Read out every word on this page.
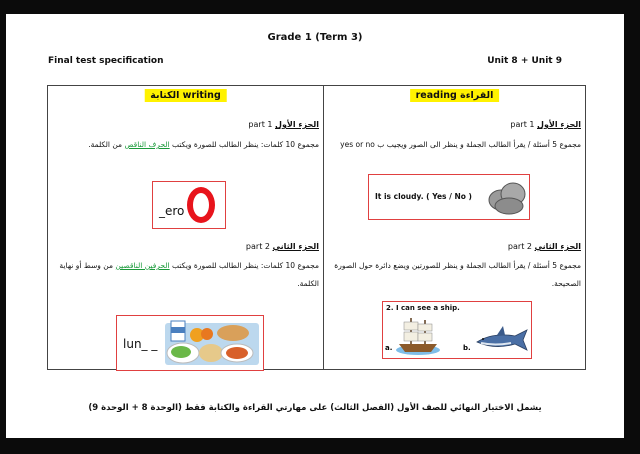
Grade 1 (Term 3)
Final test specification	Unit 8 + Unit 9
writing الكتابة
الجزء الأول part 1
مجموع 10 كلمات: ينظر الطالب للصورة ويكتب الحرف الناقص من الكلمة.
_ero
الجزء الثاني part 2
مجموع 10 كلمات: ينظر الطالب للصورة ويكتب الحرفين الناقصين من وسط أو نهاية الكلمة.
lun_ _
القراءة reading
الجزء الأول part 1
مجموع 5 أسئلة / يقرأ الطالب الجملة و ينظر الى الصور ويجيب ب yes or no
It is cloudy. ( Yes / No )
الجزء الثاني part 2
مجموع 5 أسئلة / يقرأ الطالب الجملة و ينظر للصورتين ويضع دائرة حول الصورة الصحيحة.
2. I can see a ship.
a.	b.
يشمل الاختبار النهائي للصف الأول (الفصل الثالث) على مهارتي القراءة والكتابة فقط (الوحدة 8 + الوحدة 9)
